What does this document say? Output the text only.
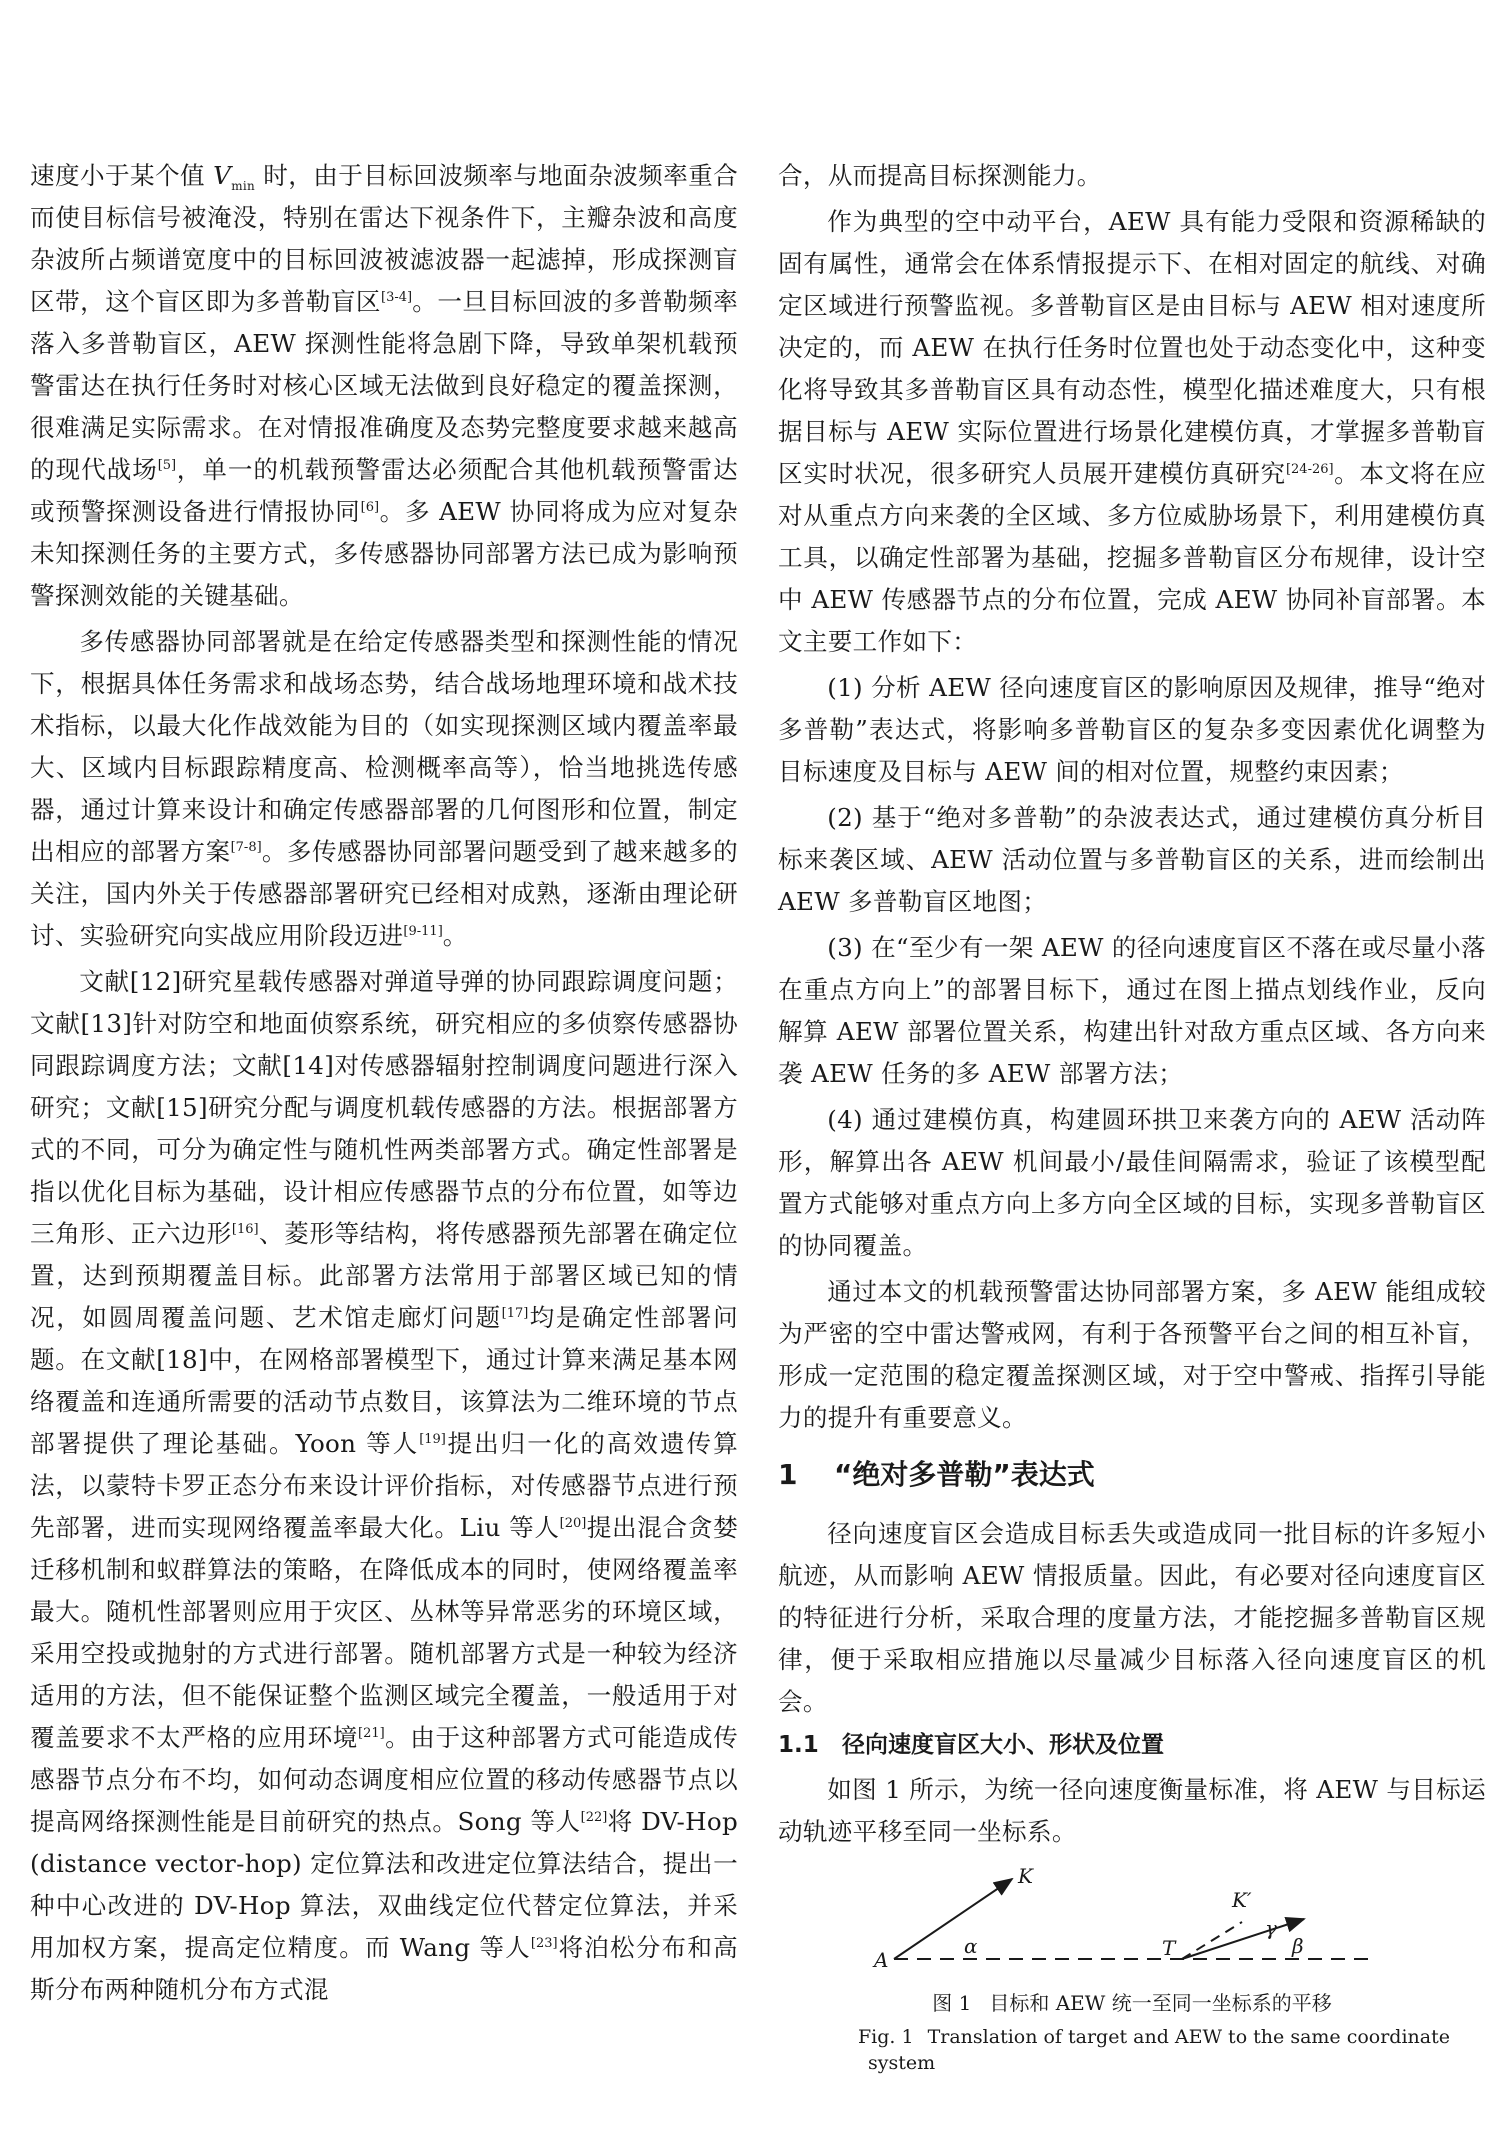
速度小于某个值 $V_{min}$ 时，由于目标回波频率与地面杂波频率重合而使目标信号被淹没，特别在雷达下视条件下，主瓣杂波和高度杂波所占频谱宽度中的目标回波被滤波器一起滤掉，形成探测盲区带，这个盲区即为多普勒盲区[3-4]。一旦目标回波的多普勒频率落入多普勒盲区，AEW 探测性能将急剧下降，导致单架机载预警雷达在执行任务时对核心区域无法做到良好稳定的覆盖探测，很难满足实际需求。在对情报准确度及态势完整度要求越来越高的现代战场[5]，单一的机载预警雷达必须配合其他机载预警雷达或预警探测设备进行情报协同[6]。多 AEW 协同将成为应对复杂未知探测任务的主要方式，多传感器协同部署方法已成为影响预警探测效能的关键基础。

多传感器协同部署就是在给定传感器类型和探测性能的情况下，根据具体任务需求和战场态势，结合战场地理环境和战术技术指标，以最大化作战效能为目的（如实现探测区域内覆盖率最大、区域内目标跟踪精度高、检测概率高等），恰当地挑选传感器，通过计算来设计和确定传感器部署的几何图形和位置，制定出相应的部署方案[7-8]。多传感器协同部署问题受到了越来越多的关注，国内外关于传感器部署研究已经相对成熟，逐渐由理论研讨、实验研究向实战应用阶段迈进[9-11]。

文献[12]研究星载传感器对弹道导弹的协同跟踪调度问题；文献[13]针对防空和地面侦察系统，研究相应的多侦察传感器协同跟踪调度方法；文献[14]对传感器辐射控制调度问题进行深入研究；文献[15]研究分配与调度机载传感器的方法。根据部署方式的不同，可分为确定性与随机性两类部署方式。确定性部署是指以优化目标为基础，设计相应传感器节点的分布位置，如等边三角形、正六边形[16]、菱形等结构，将传感器预先部署在确定位置，达到预期覆盖目标。此部署方法常用于部署区域已知的情况，如圆周覆盖问题、艺术馆走廊灯问题[17]均是确定性部署问题。在文献[18]中，在网格部署模型下，通过计算来满足基本网络覆盖和连通所需要的活动节点数目，该算法为二维环境的节点部署提供了理论基础。Yoon 等人[19]提出归一化的高效遗传算法，以蒙特卡罗正态分布来设计评价指标，对传感器节点进行预先部署，进而实现网络覆盖率最大化。Liu 等人[20]提出混合贪婪迁移机制和蚁群算法的策略，在降低成本的同时，使网络覆盖率最大。随机性部署则应用于灾区、丛林等异常恶劣的环境区域，采用空投或抛射的方式进行部署。随机部署方式是一种较为经济适用的方法，但不能保证整个监测区域完全覆盖，一般适用于对覆盖要求不太严格的应用环境[21]。由于这种部署方式可能造成传感器节点分布不均，如何动态调度相应位置的移动传感器节点以提高网络探测性能是目前研究的热点。Song 等人[22]将 DV-Hop (distance vector-hop) 定位算法和改进定位算法结合，提出一种中心改进的 DV-Hop 算法，双曲线定位代替定位算法，并采用加权方案，提高定位精度。而 Wang 等人[23]将泊松分布和高斯分布两种随机分布方式混

合，从而提高目标探测能力。

作为典型的空中动平台，AEW 具有能力受限和资源稀缺的固有属性，通常会在体系情报提示下、在相对固定的航线、对确定区域进行预警监视。多普勒盲区是由目标与 AEW 相对速度所决定的，而 AEW 在执行任务时位置也处于动态变化中，这种变化将导致其多普勒盲区具有动态性，模型化描述难度大，只有根据目标与 AEW 实际位置进行场景化建模仿真，才掌握多普勒盲区实时状况，很多研究人员展开建模仿真研究[24-26]。本文将在应对从重点方向来袭的全区域、多方位威胁场景下，利用建模仿真工具，以确定性部署为基础，挖掘多普勒盲区分布规律，设计空中 AEW 传感器节点的分布位置，完成 AEW 协同补盲部署。本文主要工作如下：

(1) 分析 AEW 径向速度盲区的影响原因及规律，推导“绝对多普勒”表达式，将影响多普勒盲区的复杂多变因素优化调整为目标速度及目标与 AEW 间的相对位置，规整约束因素；

(2) 基于“绝对多普勒”的杂波表达式，通过建模仿真分析目标来袭区域、AEW 活动位置与多普勒盲区的关系，进而绘制出 AEW 多普勒盲区地图；

(3) 在“至少有一架 AEW 的径向速度盲区不落在或尽量小落在重点方向上”的部署目标下，通过在图上描点划线作业，反向解算 AEW 部署位置关系，构建出针对敌方重点区域、各方向来袭 AEW 任务的多 AEW 部署方法；

(4) 通过建模仿真，构建圆环拱卫来袭方向的 AEW 活动阵形，解算出各 AEW 机间最小/最佳间隔需求，验证了该模型配置方式能够对重点方向上多方向全区域的目标，实现多普勒盲区的协同覆盖。

通过本文的机载预警雷达协同部署方案，多 AEW 能组成较为严密的空中雷达警戒网，有利于各预警平台之间的相互补盲，形成一定范围的稳定覆盖探测区域，对于空中警戒、指挥引导能力的提升有重要意义。

1 “绝对多普勒”表达式

径向速度盲区会造成目标丢失或造成同一批目标的许多短小航迹，从而影响 AEW 情报质量。因此，有必要对径向速度盲区的特征进行分析，采取合理的度量方法，才能挖掘多普勒盲区规律，便于采取相应措施以尽量减少目标落入径向速度盲区的机会。

1.1 径向速度盲区大小、形状及位置

如图 1 所示，为统一径向速度衡量标准，将 AEW 与目标运动轨迹平移至同一坐标系。

A
K
α	T
K′
γ
β
图 1 目标和 AEW 统一至同一坐标系的平移
Fig. 1 Translation of target and AEW to the same coordinate system
